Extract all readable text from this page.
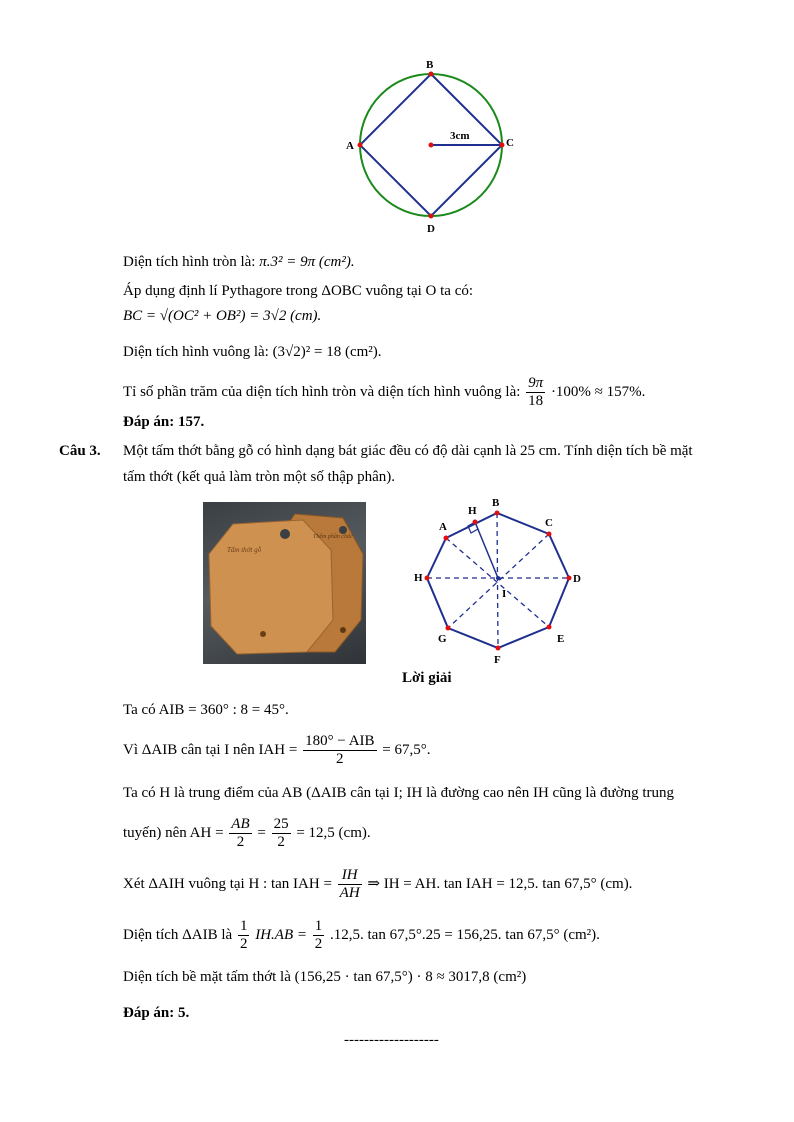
B
C
D
A
3cm
Diện tích hình tròn là: π.3² = 9π (cm²).
Áp dụng định lí Pythagore trong ΔOBC vuông tại O ta có:
BC = √(OC² + OB²) = 3√2 (cm).
Diện tích hình vuông là: (3√2)² = 18 (cm²).
Tỉ số phần trăm của diện tích hình tròn và diện tích hình vuông là: $\frac{9\pi}{18} \cdot 100\% \approx 157\%$.
Đáp án: 157.
Câu 3. Một tấm thớt bằng gỗ có hình dạng bát giác đều có độ dài cạnh là 25 cm. Tính diện tích bề mặt
tấm thớt (kết quả làm tròn một số thập phân).
Tấm thớt gỗ
Thêm phần chắc
A
H
B
C
D
E
F
G
H
I
Lời giải
Ta có AIB = 360° : 8 = 45°.
Vì ΔAIB cân tại I nên IAH = $\frac{\text{180° − AIB}}{2} = 67,5^\circ$.
Ta có H là trung điểm của AB (ΔAIB cân tại I; IH là đường cao nên IH cũng là đường trung
tuyến) nên AH = $\frac{AB}{2} = \frac{25}{2} = 12,5$ (cm).
Xét ΔAIH vuông tại H : tan IAH = $\frac{IH}{AH}$ ⇒ IH = AH. tan IAH = 12,5. tan 67,5° (cm).
Diện tích ΔAIB là $\frac{1}{2} IH.AB = \frac{1}{2} .12,5$. tan 67,5°.25 = 156,25. tan 67,5° (cm²).
Diện tích bề mặt tấm thớt là (156,25 · tan 67,5°) · 8 ≈ 3017,8 (cm²)
Đáp án: 5.
-------------------
